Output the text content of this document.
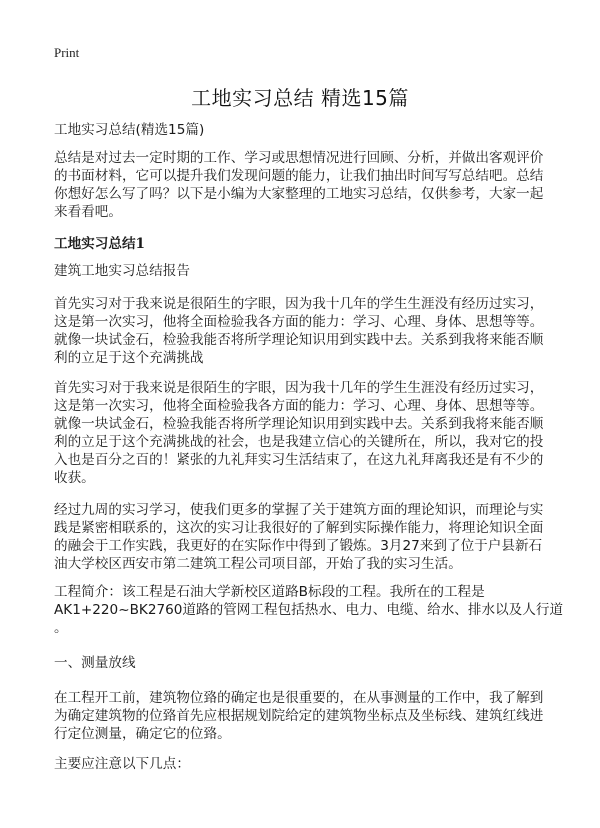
Print
工地实习总结 精选15篇
工地实习总结(精选15篇)
总结是对过去一定时期的工作、学习或思想情况进行回顾、分析，并做出客观评价
的书面材料，它可以提升我们发现问题的能力，让我们抽出时间写写总结吧。总结
你想好怎么写了吗？以下是小编为大家整理的工地实习总结，仅供参考，大家一起
来看看吧。
工地实习总结1
建筑工地实习总结报告
首先实习对于我来说是很陌生的字眼，因为我十几年的学生生涯没有经历过实习，
这是第一次实习，他将全面检验我各方面的能力：学习、心理、身体、思想等等。
就像一块试金石，检验我能否将所学理论知识用到实践中去。关系到我将来能否顺
利的立足于这个充满挑战
首先实习对于我来说是很陌生的字眼，因为我十几年的学生生涯没有经历过实习，
这是第一次实习，他将全面检验我各方面的能力：学习、心理、身体、思想等等。
就像一块试金石，检验我能否将所学理论知识用到实践中去。关系到我将来能否顺
利的立足于这个充满挑战的社会，也是我建立信心的关键所在，所以，我对它的投
入也是百分之百的！紧张的九礼拜实习生活结束了，在这九礼拜离我还是有不少的
收获。
经过九周的实习学习，使我们更多的掌握了关于建筑方面的理论知识，而理论与实
践是紧密相联系的，这次的实习让我很好的了解到实际操作能力，将理论知识全面
的融会于工作实践，我更好的在实际作中得到了锻炼。3月27来到了位于户县新石
油大学校区西安市第二建筑工程公司项目部，开始了我的实习生活。
工程简介：该工程是石油大学新校区道路B标段的工程。我所在的工程是
AK1+220~BK2760道路的管网工程包括热水、电力、电缆、给水、排水以及人行道
。
一、测量放线
在工程开工前，建筑物位臵的确定也是很重要的，在从事测量的工作中，我了解到
为确定建筑物的位臵首先应根据规划院给定的建筑物坐标点及坐标线、建筑红线进
行定位测量，确定它的位臵。
主要应注意以下几点：
